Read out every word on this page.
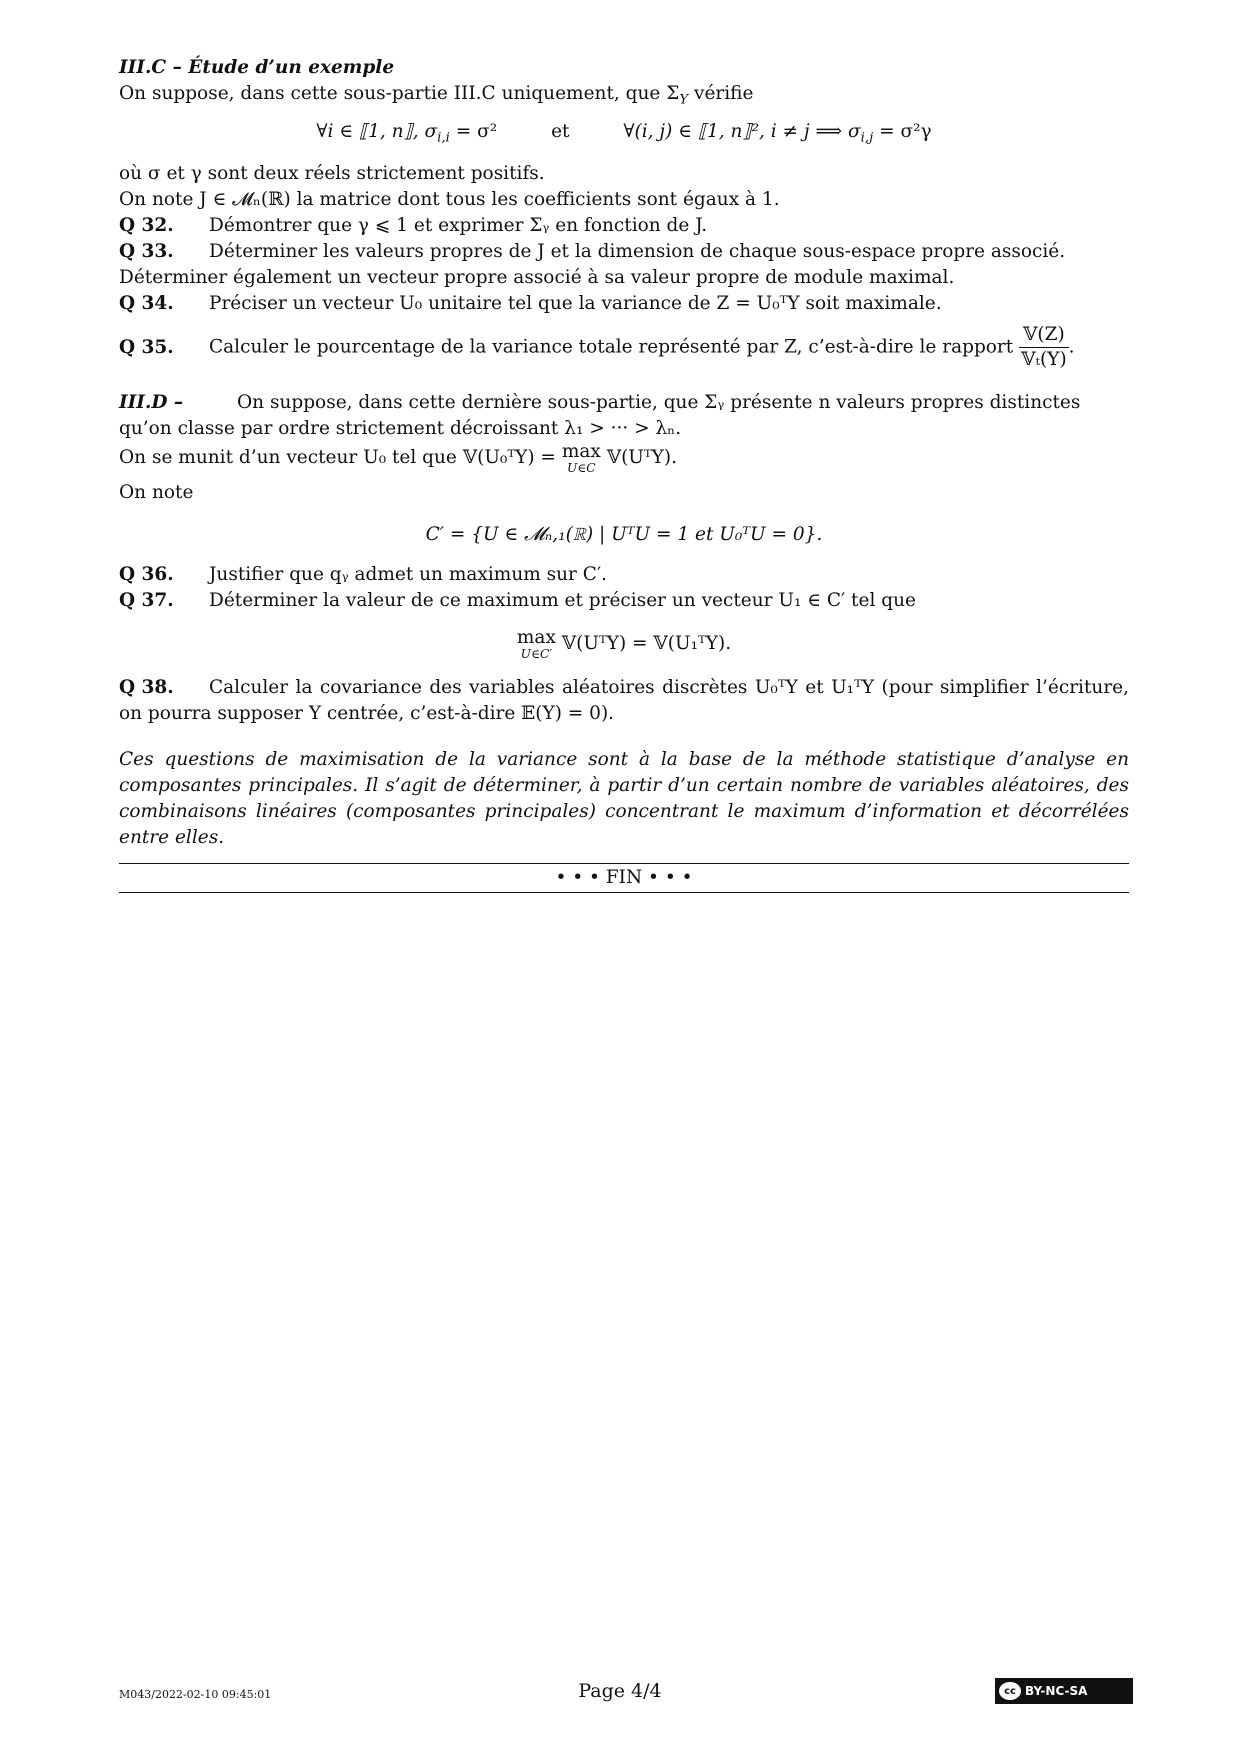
III.C – Étude d’un exemple

On suppose, dans cette sous-partie III.C uniquement, que $\Sigma_Y$ vérifie

∀i ∈ ⟦1, n⟧, $\sigma_{i,i} = \sigma^2$	et	∀(i, j) ∈ ⟦1, n⟧², i ≠ j ⟹ $\sigma_{i,j} = \sigma^2\gamma$

où σ et γ sont deux réels strictement positifs.

On note J ∈ 𝓜ₙ(ℝ) la matrice dont tous les coefficients sont égaux à 1.

Q 32.	Démontrer que γ ⩽ 1 et exprimer Σᵧ en fonction de J.

Q 33. Déterminer les valeurs propres de J et la dimension de chaque sous-espace propre associé. Déterminer également un vecteur propre associé à sa valeur propre de module maximal.

Q 34.	Préciser un vecteur U₀ unitaire tel que la variance de Z = U₀ᵀY soit maximale.
Q 35.	Calculer le pourcentage de la variance totale représenté par Z, c’est-à-dire le rapport $\frac{\text{𝕍(Z)}}{\text{𝕍ₜ(Y)}}$ .

III.D –	On suppose, dans cette dernière sous-partie, que Σᵧ présente n valeurs propres distinctes qu’on classe par ordre strictement décroissant λ₁ > ··· > λₙ.

On se munit d’un vecteur U₀ tel que 𝕍(U₀ᵀY) = max
U∈C 𝕍(UᵀY).

On note

C′ = {U ∈ 𝓜ₙ,₁(ℝ) | UᵀU = 1 et U₀ᵀU = 0}.

Q 36.	Justifier que qᵧ admet un maximum sur C′.
Q 37.	Déterminer la valeur de ce maximum et préciser un vecteur U₁ ∈ C′ tel que

max
U∈C′ 𝕍(UᵀY) = 𝕍(U₁ᵀY).

Q 38. Calculer la covariance des variables aléatoires discrètes U₀ᵀY et U₁ᵀY (pour simplifier l’écriture, on pourra supposer Y centrée, c’est-à-dire 𝔼(Y) = 0).

Ces questions de maximisation de la variance sont à la base de la méthode statistique d’analyse en composantes principales. Il s’agit de déterminer, à partir d’un certain nombre de variables aléatoires, des combinaisons linéaires (composantes principales) concentrant le maximum d’information et décorrélées entre elles.

• • • FIN • • •
M043/2022-02-10 09:45:01	Page 4/4	cc BY-NC-SA
